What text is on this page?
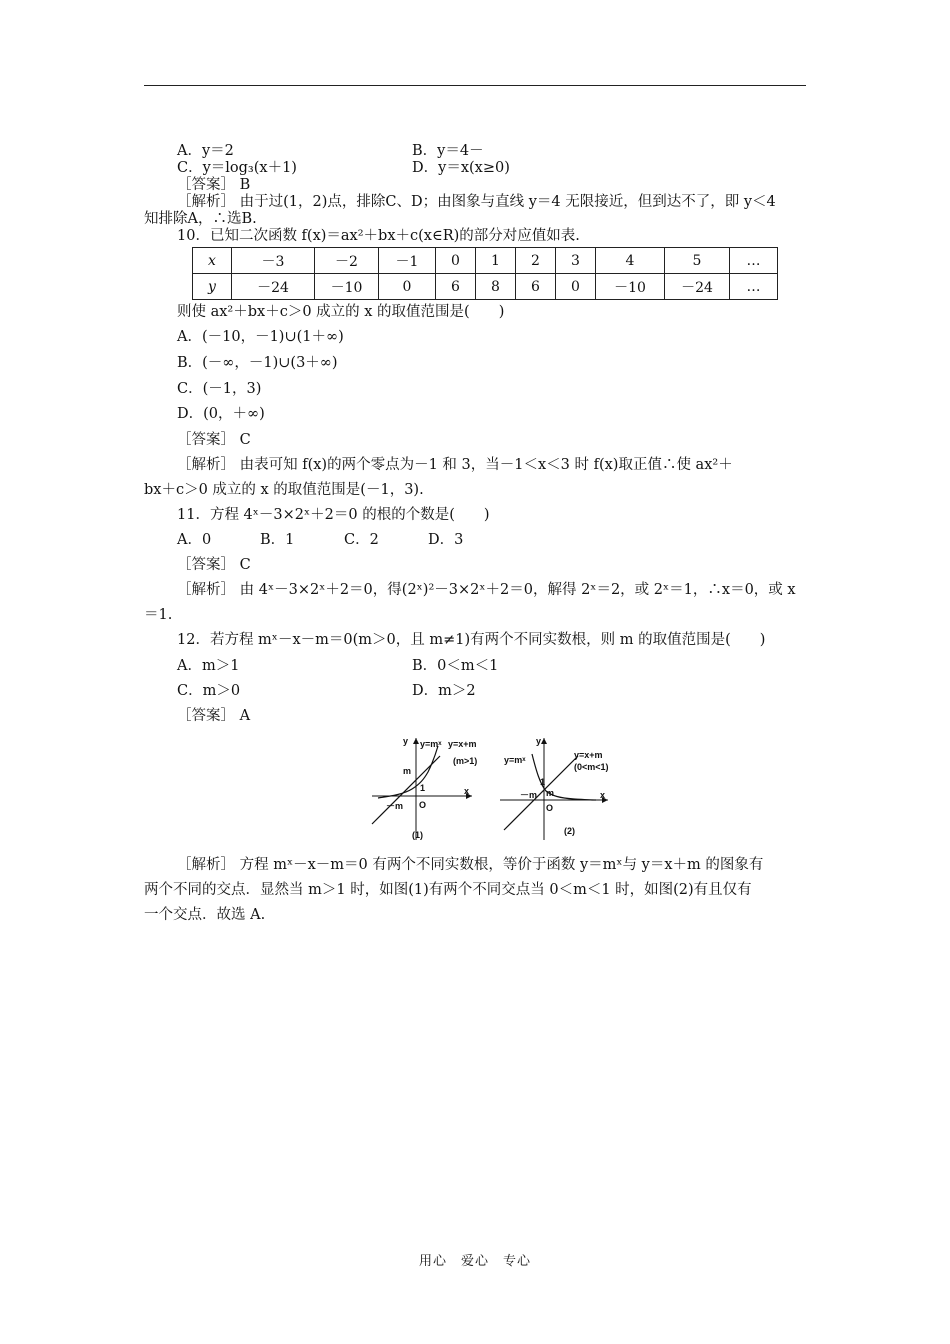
A．y＝2	B．y＝4－
C．y＝log₃(x＋1)	D．y＝x(x≥0)
［答案］ B
［解析］ 由于过(1，2)点，排除C、D；由图象与直线 y＝4 无限接近，但到达不了，即 y＜4
知排除A，∴选B.
10．已知二次函数 f(x)＝ax²＋bx＋c(x∈R)的部分对应值如表.
x	－3	－2	－1	0	1	2	3	4	5	…
y	－24	－10	0	6	8	6	0	－10	－24	…
则使 ax²＋bx＋c＞0 成立的 x 的取值范围是(　　)
A．(－10，－1)∪(1＋∞)
B．(－∞，－1)∪(3＋∞)
C．(－1，3)
D．(0，＋∞)
［答案］ C
［解析］ 由表可知 f(x)的两个零点为－1 和 3，当－1＜x＜3 时 f(x)取正值∴使 ax²＋
bx＋c＞0 成立的 x 的取值范围是(－1，3).
11．方程 4ˣ－3×2ˣ＋2＝0 的根的个数是(　　)
A．0	B．1	C．2	D．3
［答案］ C
［解析］ 由 4ˣ－3×2ˣ＋2＝0，得(2ˣ)²－3×2ˣ＋2＝0，解得 2ˣ＝2，或 2ˣ＝1，∴x＝0，或 x
＝1.
12．若方程 mˣ－x－m＝0(m＞0，且 m≠1)有两个不同实数根，则 m 的取值范围是(　　)
A．m＞1	B．0＜m＜1
C．m＞0	D．m＞2
［答案］ A
y y=mˣ y=x+m
(m>1)
m
1
－m O
x
(1)
y
y=mˣ	y=x+m
(0<m<1)
1
m
－m
O
x
(2)
［解析］ 方程 mˣ－x－m＝0 有两个不同实数根，等价于函数 y＝mˣ与 y＝x＋m 的图象有
两个不同的交点．显然当 m＞1 时，如图(1)有两个不同交点当 0＜m＜1 时，如图(2)有且仅有
一个交点．故选 A.
用心　爱心　专心
